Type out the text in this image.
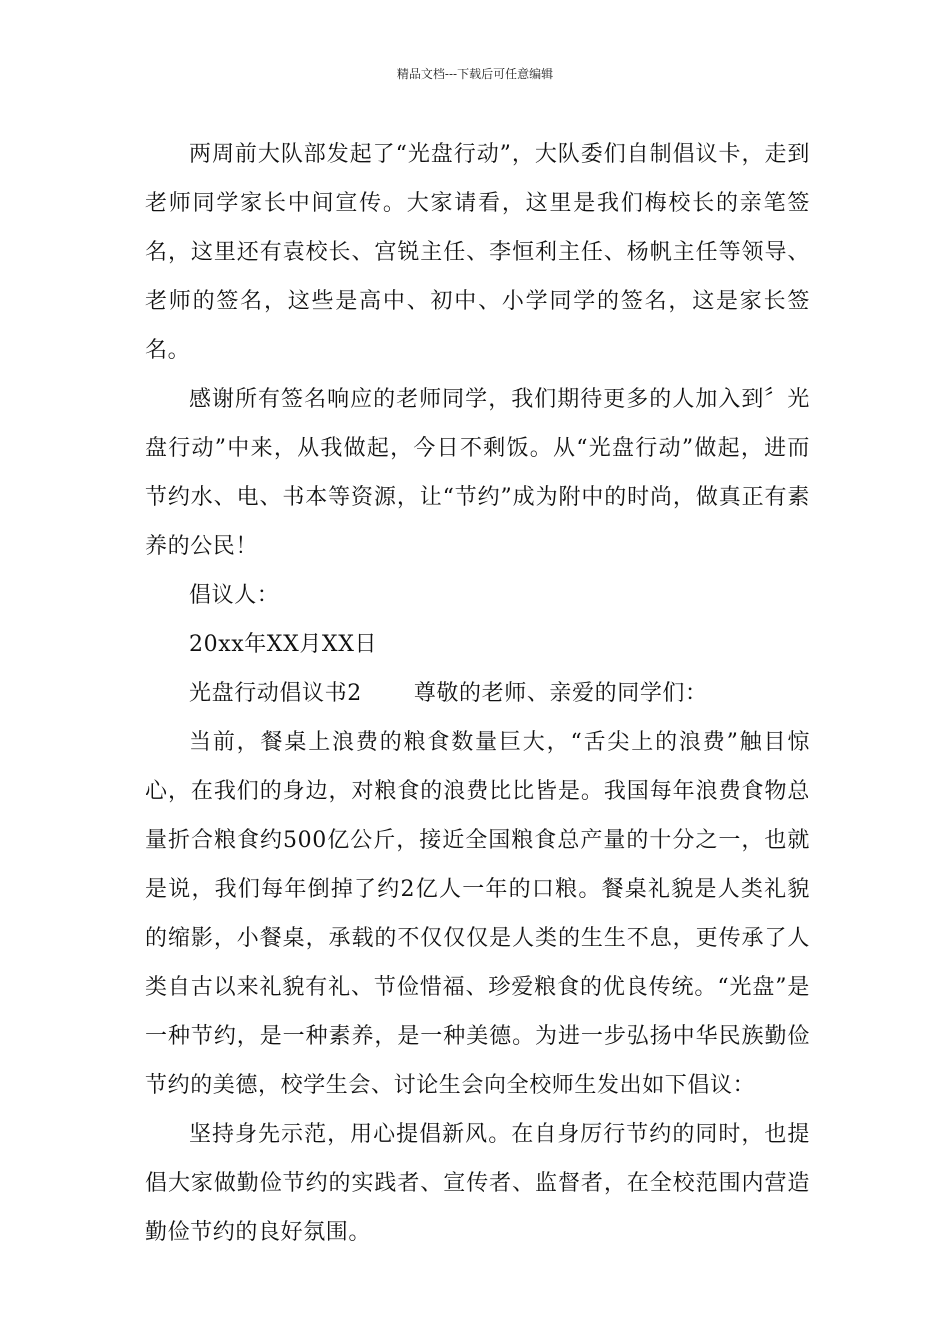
精品文档---下载后可任意编辑

两周前大队部发起了“光盘行动”，大队委们自制倡议卡，走到老师同学家长中间宣传。大家请看，这里是我们梅校长的亲笔签名，这里还有袁校长、宫锐主任、李恒利主任、杨帆主任等领导、老师的签名，这些是高中、初中、小学同学的签名，这是家长签名。

感谢所有签名响应的老师同学，我们期待更多的人加入到〞光盘行动”中来，从我做起，今日不剩饭。从“光盘行动”做起，进而节约水、电、书本等资源，让“节约”成为附中的时尚，做真正有素养的公民！

倡议人：

20xx年XX月XX日

光盘行动倡议书2 尊敬的老师、亲爱的同学们：

当前，餐桌上浪费的粮食数量巨大，“舌尖上的浪费”触目惊心，在我们的身边，对粮食的浪费比比皆是。我国每年浪费食物总量折合粮食约500亿公斤，接近全国粮食总产量的十分之一，也就是说，我们每年倒掉了约2亿人一年的口粮。餐桌礼貌是人类礼貌的缩影，小餐桌，承载的不仅仅仅是人类的生生不息，更传承了人类自古以来礼貌有礼、节俭惜福、珍爱粮食的优良传统。“光盘”是一种节约，是一种素养，是一种美德。为进一步弘扬中华民族勤俭节约的美德，校学生会、讨论生会向全校师生发出如下倡议：

坚持身先示范，用心提倡新风。在自身厉行节约的同时，也提倡大家做勤俭节约的实践者、宣传者、监督者，在全校范围内营造勤俭节约的良好氛围。
